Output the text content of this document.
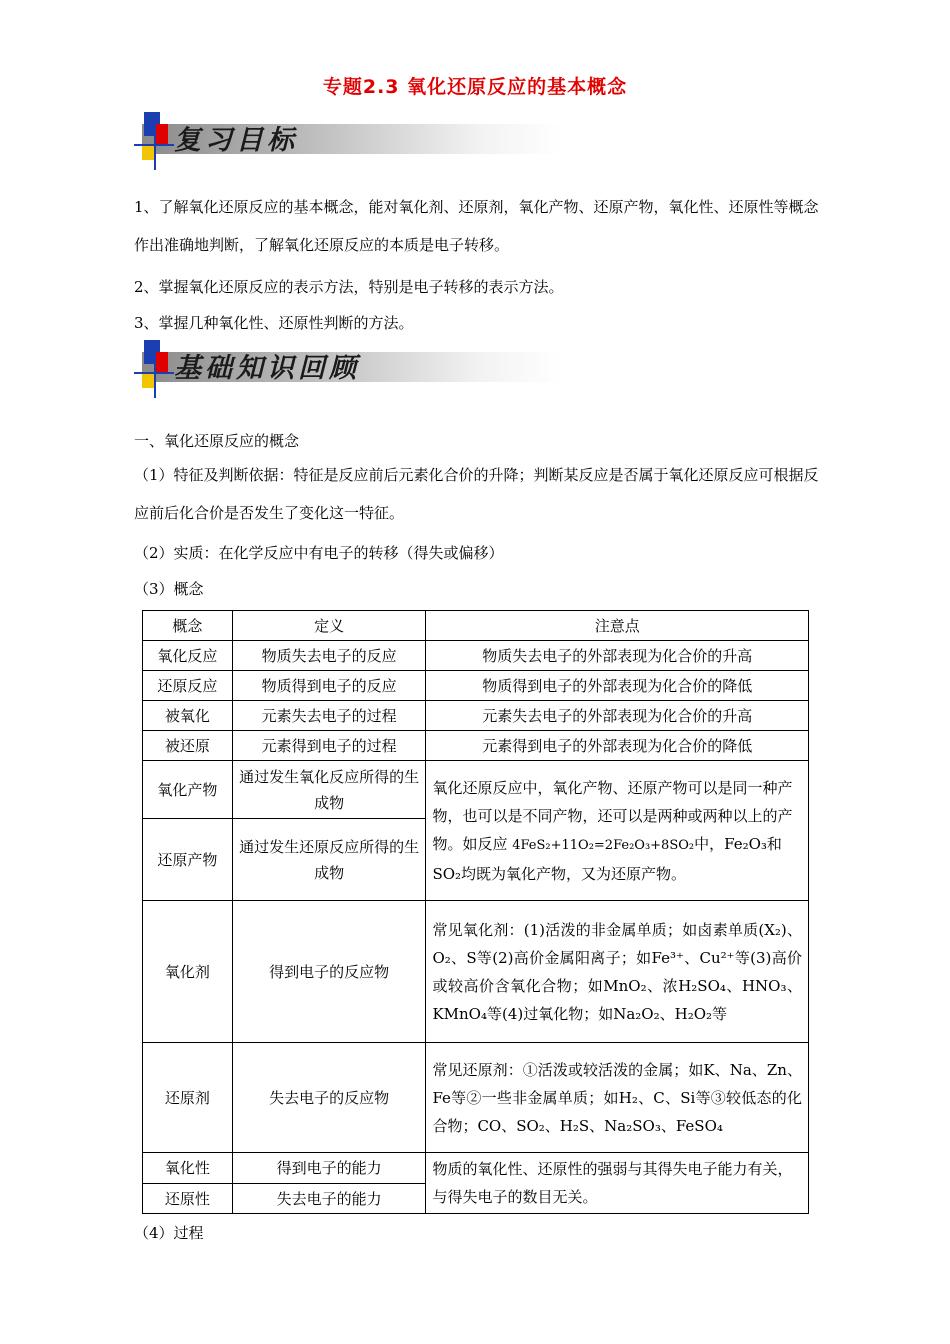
专题2.3 氧化还原反应的基本概念
复习目标
1、了解氧化还原反应的基本概念，能对氧化剂、还原剂，氧化产物、还原产物，氧化性、还原性等概念作出准确地判断，了解氧化还原反应的本质是电子转移。
2、掌握氧化还原反应的表示方法，特别是电子转移的表示方法。
3、掌握几种氧化性、还原性判断的方法。
基础知识回顾
一、氧化还原反应的概念
（1）特征及判断依据：特征是反应前后元素化合价的升降；判断某反应是否属于氧化还原反应可根据反应前后化合价是否发生了变化这一特征。
（2）实质：在化学反应中有电子的转移（得失或偏移）
（3）概念
概念	定义	注意点
氧化反应	物质失去电子的反应	物质失去电子的外部表现为化合价的升高
还原反应	物质得到电子的反应	物质得到电子的外部表现为化合价的降低
被氧化	元素失去电子的过程	元素失去电子的外部表现为化合价的升高
被还原	元素得到电子的过程	元素得到电子的外部表现为化合价的降低
氧化产物	通过发生氧化反应所得的生成物	氧化还原反应中，氧化产物、还原产物可以是同一种产物，也可以是不同产物，还可以是两种或两种以上的产物。如反应 4FeS₂+11O₂=2Fe₂O₃+8SO₂中，Fe₂O₃和SO₂均既为氧化产物，又为还原产物。
还原产物	通过发生还原反应所得的生成物	
氧化剂	得到电子的反应物	常见氧化剂：(1)活泼的非金属单质；如卤素单质(X₂)、O₂、S等(2)高价金属阳离子；如Fe³⁺、Cu²⁺等(3)高价或较高价含氧化合物；如MnO₂、浓H₂SO₄、HNO₃、KMnO₄等(4)过氧化物；如Na₂O₂、H₂O₂等
还原剂	失去电子的反应物	常见还原剂：①活泼或较活泼的金属；如K、Na、Zn、Fe等②一些非金属单质；如H₂、C、Si等③较低态的化合物；CO、SO₂、H₂S、Na₂SO₃、FeSO₄
氧化性	得到电子的能力	物质的氧化性、还原性的强弱与其得失电子能力有关，与得失电子的数目无关。
还原性	失去电子的能力	
（4）过程
